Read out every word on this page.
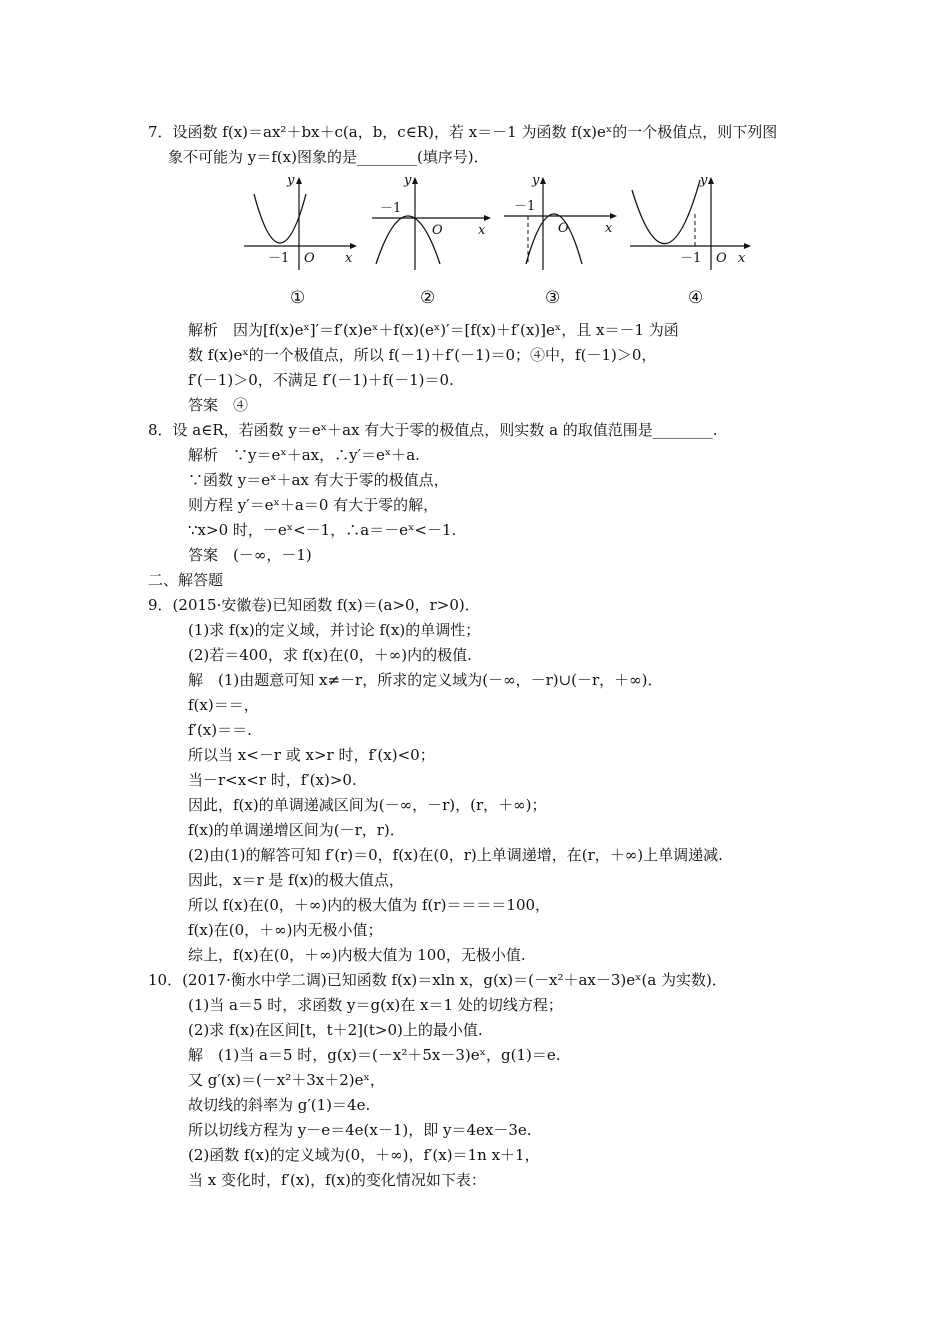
7．设函数 f(x)＝ax²＋bx＋c(a，b，c∈R)，若 x＝－1 为函数 f(x)eˣ的一个极值点，则下列图
象不可能为 y＝f(x)图象的是________(填序号)．
y
x
O
－1
①
y
x
O
－1
②
y
x
O
－1
③
y
x
O
－1
④
解析　因为[f(x)eˣ]′＝f′(x)eˣ＋f(x)(eˣ)′＝[f(x)＋f′(x)]eˣ，且 x＝－1 为函
数 f(x)eˣ的一个极值点，所以 f(－1)＋f′(－1)＝0；④中，f(－1)＞0，
f′(－1)＞0，不满足 f′(－1)＋f(－1)＝0.
答案　④
8．设 a∈R，若函数 y＝eˣ＋ax 有大于零的极值点，则实数 a 的取值范围是________.
解析　∵y＝eˣ＋ax，∴y′＝eˣ＋a.
∵函数 y＝eˣ＋ax 有大于零的极值点，
则方程 y′＝eˣ＋a＝0 有大于零的解，
∵x>0 时，－eˣ<－1，∴a＝－eˣ<－1.
答案　(－∞，－1)
二、解答题
9．(2015·安徽卷)已知函数 f(x)＝(a>0，r>0)．
(1)求 f(x)的定义域，并讨论 f(x)的单调性；
(2)若＝400，求 f(x)在(0，＋∞)内的极值.
解　(1)由题意可知 x≠－r，所求的定义域为(－∞，－r)∪(－r，＋∞)．
f(x)＝＝，
f′(x)＝＝.
所以当 x<－r 或 x>r 时，f′(x)<0；
当－r<x<r 时，f′(x)>0.
因此，f(x)的单调递减区间为(－∞，－r)，(r，＋∞)；
f(x)的单调递增区间为(－r，r)．
(2)由(1)的解答可知 f′(r)＝0，f(x)在(0，r)上单调递增，在(r，＋∞)上单调递减.
因此，x＝r 是 f(x)的极大值点，
所以 f(x)在(0，＋∞)内的极大值为 f(r)＝＝＝＝100，
f(x)在(0，＋∞)内无极小值；
综上，f(x)在(0，＋∞)内极大值为 100，无极小值.
10．(2017·衡水中学二调)已知函数 f(x)＝xln x，g(x)＝(－x²＋ax－3)eˣ(a 为实数)．
(1)当 a＝5 时，求函数 y＝g(x)在 x＝1 处的切线方程；
(2)求 f(x)在区间[t，t＋2](t>0)上的最小值.
解　(1)当 a＝5 时，g(x)＝(－x²＋5x－3)eˣ，g(1)＝e.
又 g′(x)＝(－x²＋3x＋2)eˣ，
故切线的斜率为 g′(1)＝4e.
所以切线方程为 y－e＝4e(x－1)，即 y＝4ex－3e.
(2)函数 f(x)的定义域为(0，＋∞)，f′(x)＝1n x＋1，
当 x 变化时，f′(x)，f(x)的变化情况如下表：
